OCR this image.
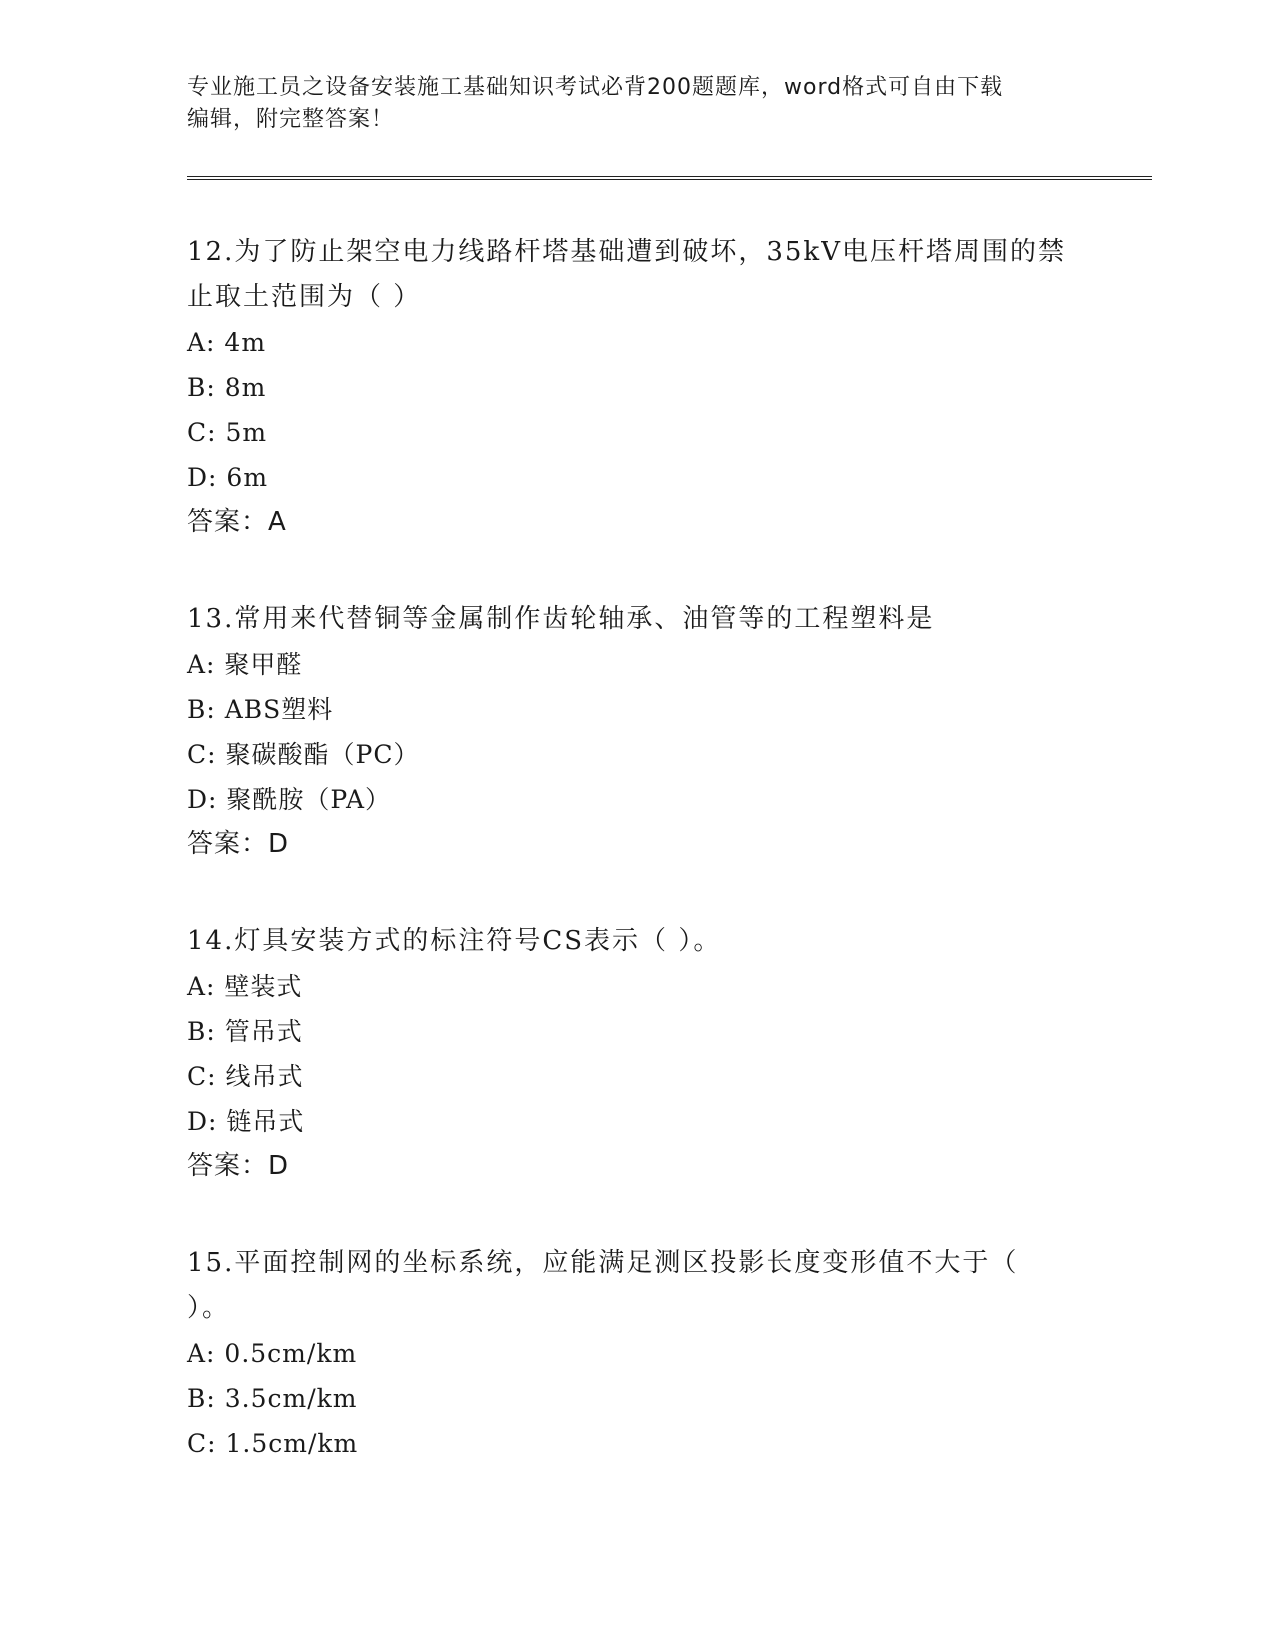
专业施工员之设备安装施工基础知识考试必背200题题库，word格式可自由下载
编辑，附完整答案！

12.为了防止架空电力线路杆塔基础遭到破坏，35kV电压杆塔周围的禁

止取土范围为（ ）

A: 4m

B: 8m

C: 5m

D: 6m

答案：A

13.常用来代替铜等金属制作齿轮轴承、油管等的工程塑料是

A: 聚甲醛

B: ABS塑料

C: 聚碳酸酯（PC）

D: 聚酰胺（PA）

答案：D

14.灯具安装方式的标注符号CS表示（ ）。

A: 壁装式

B: 管吊式

C: 线吊式

D: 链吊式

答案：D

15.平面控制网的坐标系统，应能满足测区投影长度变形值不大于（

）。

A: 0.5cm/km

B: 3.5cm/km

C: 1.5cm/km
